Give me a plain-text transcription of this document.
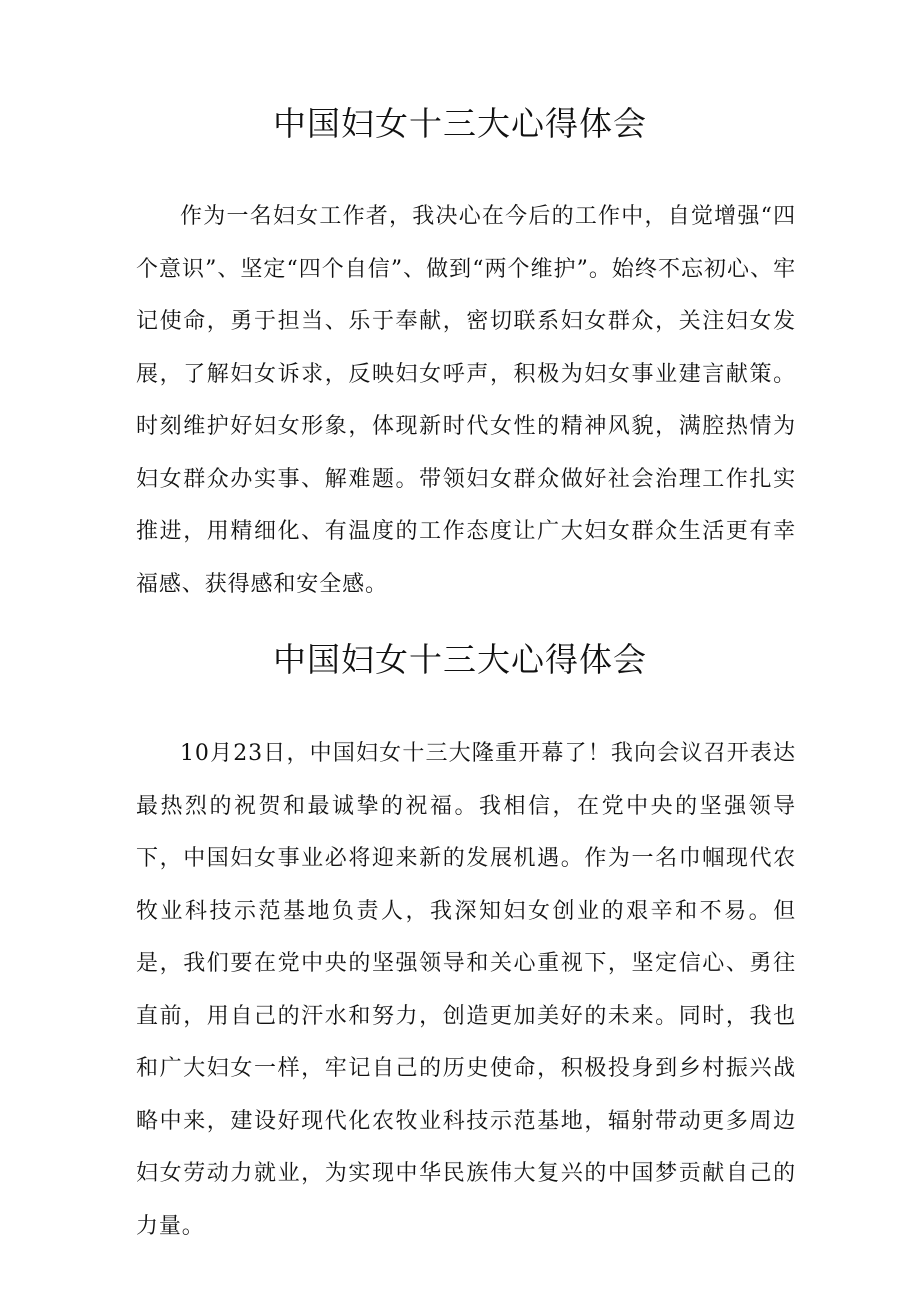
中国妇女十三大心得体会

作为一名妇女工作者，我决心在今后的工作中，自觉增强“四个意识”、坚定“四个自信”、做到“两个维护”。始终不忘初心、牢记使命，勇于担当、乐于奉献，密切联系妇女群众，关注妇女发展，了解妇女诉求，反映妇女呼声，积极为妇女事业建言献策。时刻维护好妇女形象，体现新时代女性的精神风貌，满腔热情为妇女群众办实事、解难题。带领妇女群众做好社会治理工作扎实推进，用精细化、有温度的工作态度让广大妇女群众生活更有幸福感、获得感和安全感。

中国妇女十三大心得体会

10月23日，中国妇女十三大隆重开幕了！我向会议召开表达最热烈的祝贺和最诚挚的祝福。我相信，在党中央的坚强领导下，中国妇女事业必将迎来新的发展机遇。作为一名巾帼现代农牧业科技示范基地负责人，我深知妇女创业的艰辛和不易。但是，我们要在党中央的坚强领导和关心重视下，坚定信心、勇往直前，用自己的汗水和努力，创造更加美好的未来。同时，我也和广大妇女一样，牢记自己的历史使命，积极投身到乡村振兴战略中来，建设好现代化农牧业科技示范基地，辐射带动更多周边妇女劳动力就业，为实现中华民族伟大复兴的中国梦贡献自己的力量。
